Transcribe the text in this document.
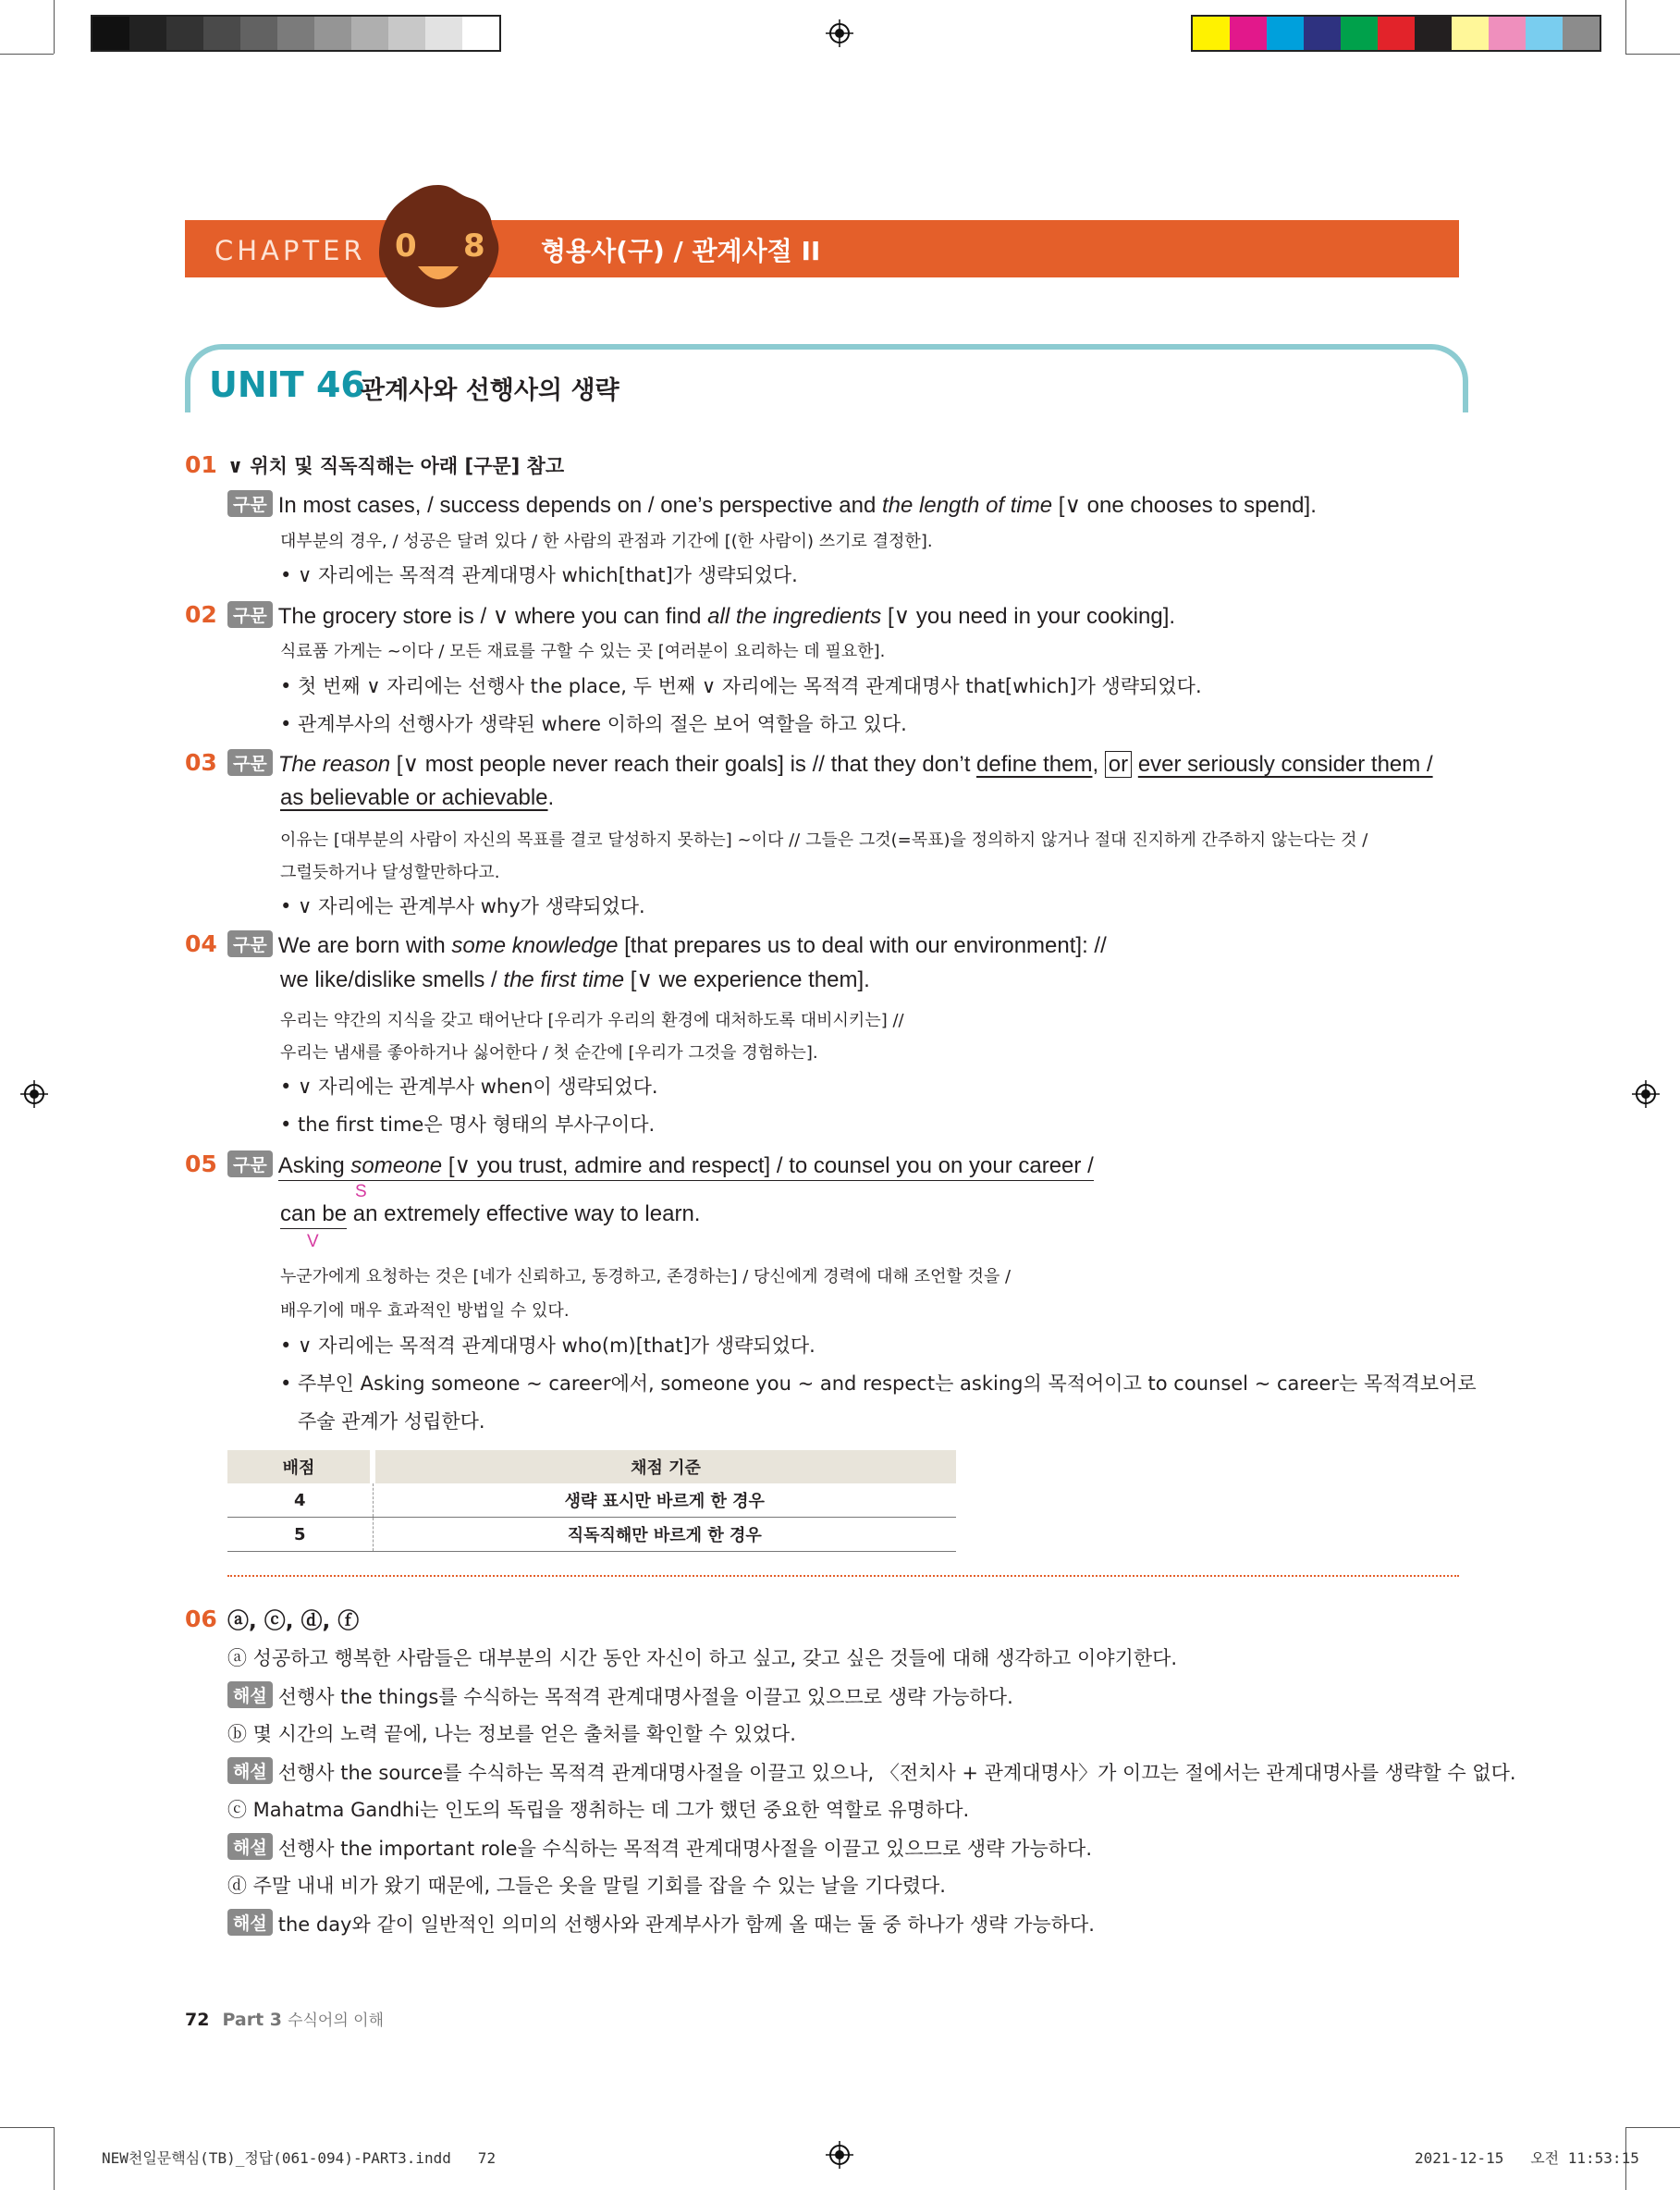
CHAPTER 0 8 형용사(구) / 관계사절 II
UNIT 46
관계사와 선행사의 생략
01 ∨ 위치 및 직독직해는 아래 [구문] 참고
구문 In most cases, / success depends on / one’s perspective and the length of time [∨ one chooses to spend].
대부분의 경우, / 성공은 달려 있다 / 한 사람의 관점과 기간에 [(한 사람이) 쓰기로 결정한].
• ∨ 자리에는 목적격 관계대명사 which[that]가 생략되었다.
02 구문 The grocery store is / ∨ where you can find all the ingredients [∨ you need in your cooking].
식료품 가게는 ~이다 / 모든 재료를 구할 수 있는 곳 [여러분이 요리하는 데 필요한].
• 첫 번째 ∨ 자리에는 선행사 the place, 두 번째 ∨ 자리에는 목적격 관계대명사 that[which]가 생략되었다.
• 관계부사의 선행사가 생략된 where 이하의 절은 보어 역할을 하고 있다.
03 구문 The reason [∨ most people never reach their goals] is // that they don’t define them, or ever seriously consider them /
as believable or achievable.
이유는 [대부분의 사람이 자신의 목표를 결코 달성하지 못하는] ~이다 // 그들은 그것(=목표)을 정의하지 않거나 절대 진지하게 간주하지 않는다는 것 /
그럴듯하거나 달성할만하다고.
• ∨ 자리에는 관계부사 why가 생략되었다.
04 구문 We are born with some knowledge [that prepares us to deal with our environment]: //
we like/dislike smells / the first time [∨ we experience them].
우리는 약간의 지식을 갖고 태어난다 [우리가 우리의 환경에 대처하도록 대비시키는] //
우리는 냄새를 좋아하거나 싫어한다 / 첫 순간에 [우리가 그것을 경험하는].
• ∨ 자리에는 관계부사 when이 생략되었다.
• the first time은 명사 형태의 부사구이다.
05 구문 Asking someone [∨ you trust, admire and respect] / to counsel you on your career /
S
can be an extremely effective way to learn.
V
누군가에게 요청하는 것은 [네가 신뢰하고, 동경하고, 존경하는] / 당신에게 경력에 대해 조언할 것을 /
배우기에 매우 효과적인 방법일 수 있다.
• ∨ 자리에는 목적격 관계대명사 who(m)[that]가 생략되었다.
• 주부인 Asking someone ~ career에서, someone you ~ and respect는 asking의 목적어이고 to counsel ~ career는 목적격보어로
주술 관계가 성립한다.
배점	채점 기준
4	생략 표시만 바르게 한 경우
5	직독직해만 바르게 한 경우
06 ⓐ, ⓒ, ⓓ, ⓕ
ⓐ 성공하고 행복한 사람들은 대부분의 시간 동안 자신이 하고 싶고, 갖고 싶은 것들에 대해 생각하고 이야기한다.
해설 선행사 the things를 수식하는 목적격 관계대명사절을 이끌고 있으므로 생략 가능하다.
ⓑ 몇 시간의 노력 끝에, 나는 정보를 얻은 출처를 확인할 수 있었다.
해설 선행사 the source를 수식하는 목적격 관계대명사절을 이끌고 있으나, 〈전치사 + 관계대명사〉가 이끄는 절에서는 관계대명사를 생략할 수 없다.
ⓒ Mahatma Gandhi는 인도의 독립을 쟁취하는 데 그가 했던 중요한 역할로 유명하다.
해설 선행사 the important role을 수식하는 목적격 관계대명사절을 이끌고 있으므로 생략 가능하다.
ⓓ 주말 내내 비가 왔기 때문에, 그들은 옷을 말릴 기회를 잡을 수 있는 날을 기다렸다.
해설 the day와 같이 일반적인 의미의 선행사와 관계부사가 함께 올 때는 둘 중 하나가 생략 가능하다.
72 Part 3 수식어의 이해
NEW천일문핵심(TB)_정답(061-094)-PART3.indd   72	2021-12-15   오전 11:53:15
